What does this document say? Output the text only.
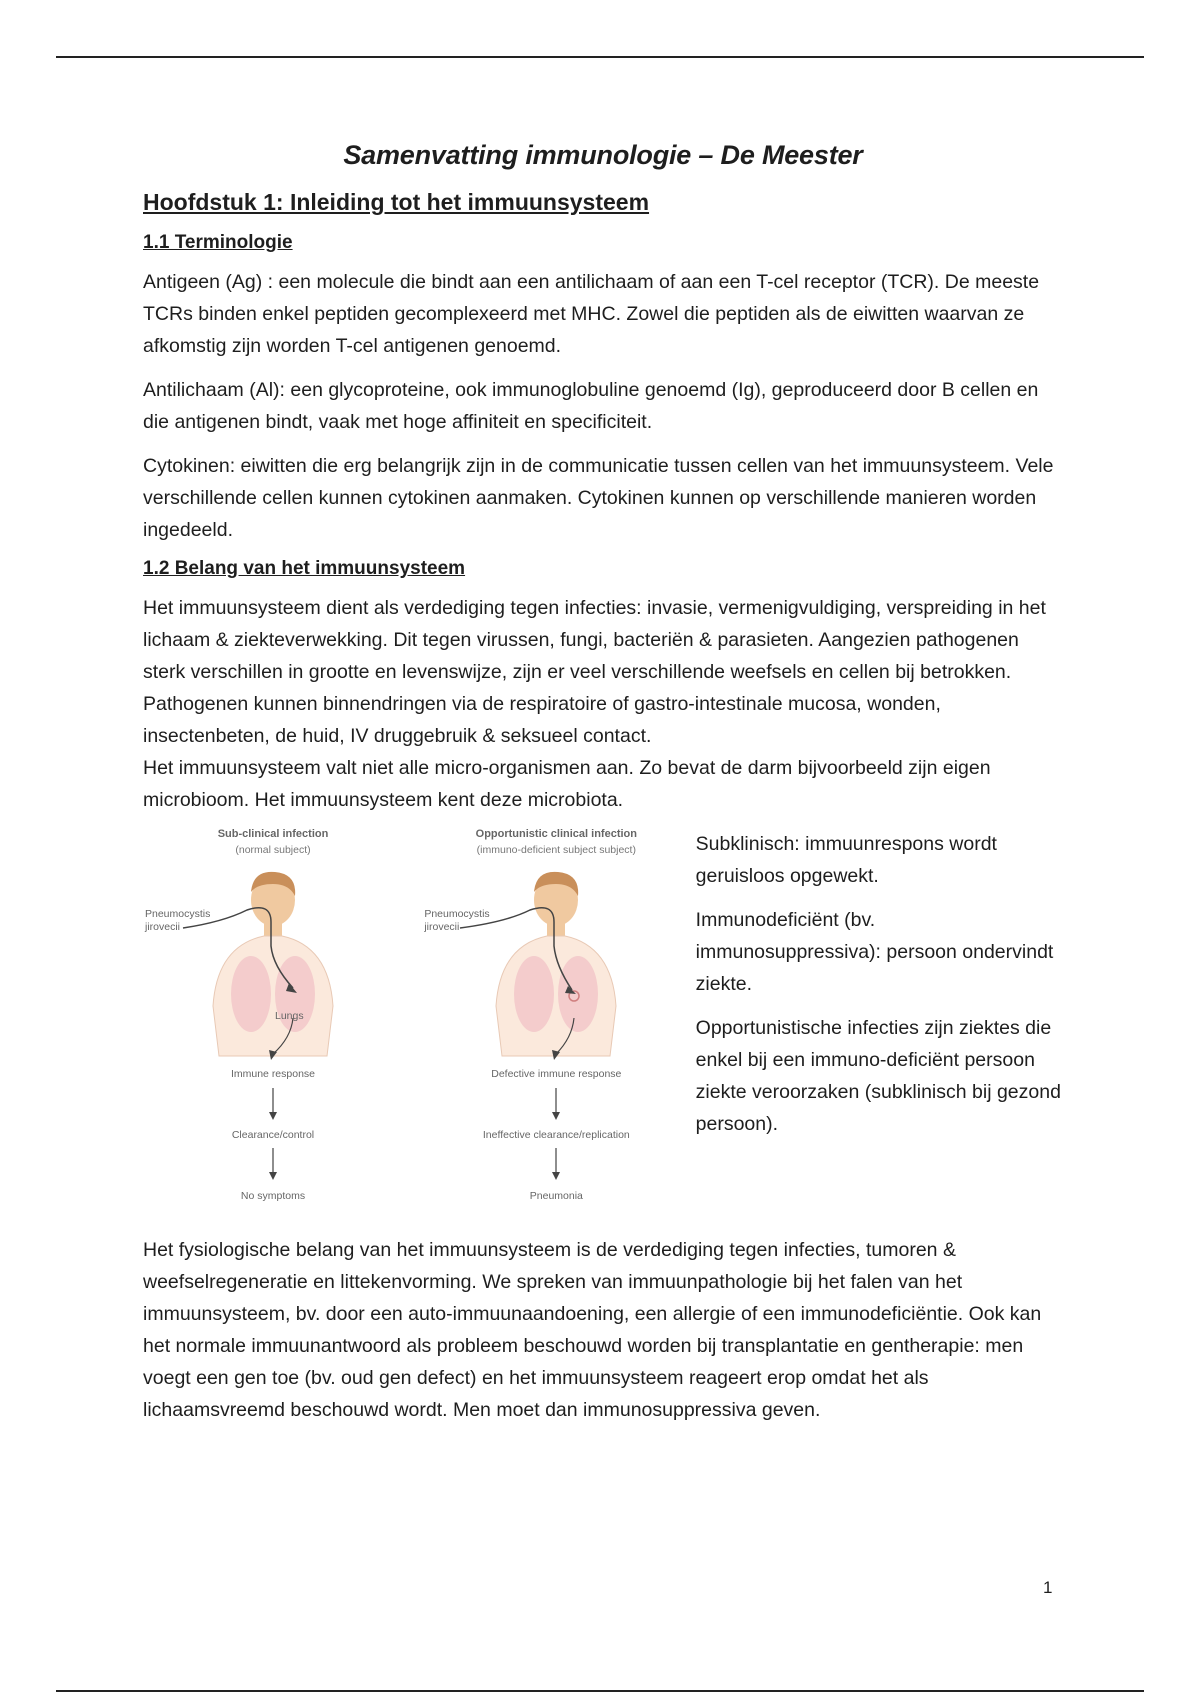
Samenvatting immunologie – De Meester
Hoofdstuk 1: Inleiding tot het immuunsysteem
1.1 Terminologie

Antigeen (Ag) : een molecule die bindt aan een antilichaam of aan een T-cel receptor (TCR). De meeste TCRs binden enkel peptiden gecomplexeerd met MHC. Zowel die peptiden als de eiwitten waarvan ze afkomstig zijn worden T-cel antigenen genoemd.

Antilichaam (Al): een glycoproteine, ook immunoglobuline genoemd (Ig), geproduceerd door B cellen en die antigenen bindt, vaak met hoge affiniteit en specificiteit.

Cytokinen: eiwitten die erg belangrijk zijn in de communicatie tussen cellen van het immuunsysteem. Vele verschillende cellen kunnen cytokinen aanmaken. Cytokinen kunnen op verschillende manieren worden ingedeeld.

1.2 Belang van het immuunsysteem

Het immuunsysteem dient als verdediging tegen infecties: invasie, vermenigvuldiging, verspreiding in het lichaam & ziekteverwekking. Dit tegen virussen, fungi, bacteriën & parasieten. Aangezien pathogenen sterk verschillen in grootte en levenswijze, zijn er veel verschillende weefsels en cellen bij betrokken.

Pathogenen kunnen binnendringen via de respiratoire of gastro-intestinale mucosa, wonden, insectenbeten, de huid, IV druggebruik & seksueel contact.

Het immuunsysteem valt niet alle micro-organismen aan. Zo bevat de darm bijvoorbeeld zijn eigen microbioom. Het immuunsysteem kent deze microbiota.

Sub-clinical infection
(normal subject)
Pneumocystis jirovecii
Lungs
Immune response
Clearance/control
No symptoms
Opportunistic clinical infection
(immuno-deficient subject subject)
Pneumocystis jirovecii
Defective immune response
Ineffective clearance/replication
Pneumonia

Subklinisch: immuunrespons wordt geruisloos opgewekt.

Immunodeficiënt (bv. immunosuppressiva): persoon ondervindt ziekte.

Opportunistische infecties zijn ziektes die enkel bij een immuno-deficiënt persoon ziekte veroorzaken (subklinisch bij gezond persoon).

Het fysiologische belang van het immuunsysteem is de verdediging tegen infecties, tumoren & weefselregeneratie en littekenvorming. We spreken van immuunpathologie bij het falen van het immuunsysteem, bv. door een auto-immuunaandoening, een allergie of een immunodeficiëntie. Ook kan het normale immuunantwoord als probleem beschouwd worden bij transplantatie en gentherapie: men voegt een gen toe (bv. oud gen defect) en het immuunsysteem reageert erop omdat het als lichaamsvreemd beschouwd wordt. Men moet dan immunosuppressiva geven.

1
